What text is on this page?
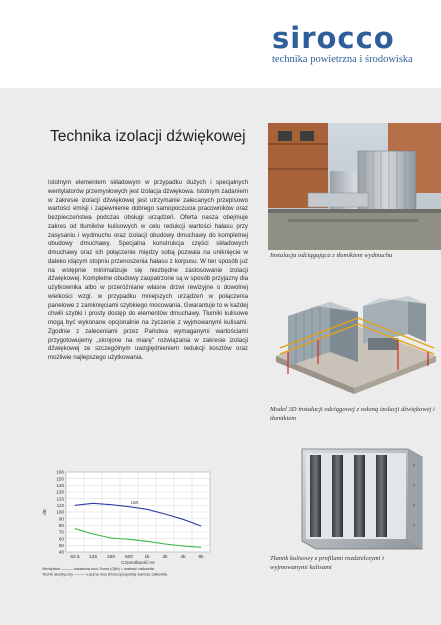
sirocco
technika powietrzna i środowiska
Technika izolacji dźwiękowej
Istotnym elementem składowym w przypadku dużych i specjalnych wentylatorów przemysłowych jest izolacja dźwiękowa. Istotnym zadaniem w zakresie izolacji dźwiękowej jest utrzymanie zalecanych przepisowo wartości emisji i zapewnienie dobrego samopoczucia pracowników oraz bezpieczeństwa podczas obsługi urządzeń. Oferta nasza obejmuje zakres od tłumików kulisowych w celu redukcji wartości hałasu przy zasysaniu i wydmuchu oraz izolacji obudowy dmuchawy do kompletnej obudowy dmuchawy. Specjalna konstrukcja części składowych dmuchawy oraz ich połączenie między sobą pozwala na uniknięcie w daleko idącym stopniu przenoszenia hałasu z korpusu. W ten sposób już na wstępnie minimalizuje się niezbędne zastosowanie izolacji dźwiękowej. Kompletne obudowy zaopatrzone są w sposób przyjazny dla użytkownika albo w przeróżniane własne drzwi rewizyjne o dowolnej wielkości wzgl. w przypadku mniejszych urządzeń w połączenia panelowe z zamknięciami szybkiego mocowania. Gwarantuje to w każdej chwili szybki i prosty dostęp do elementów dmuchawy. Tłumiki kulisowe mogą być wykonane opcjonalnie na życzenie z wyjmowanymi kulisami. Zgodnie z zaleceniami przez Państwa wymaganymi wartościami przygotowujemy „skrojone na miarę" rozwiązania w zakresie izolacji dźwiękowej ze szczególnym uwzględnieniem redukcji kosztów oraz możliwie najlepszego użytkowania.
Instalacja odciągająca z tłumikiem wydmuchu
Model 3D instalacji odciągowej z osłoną izolacji dźwiękowej i tłumikiem
Tłumik kulisowy z profilami rozdzielczymi i wyjmowanymi kulisami
160
150
140
130
120
110
100
90
80
70
60
50
40
62.5 125 250 500 1k	2k	4k	8k
LWt
Częstotliwość Hz
dB
Wentylator ——— dostarcza moc Suma (Ojth) = wartość całkowita
Tłumik akustyczny ——— Łączna moc (Rzeczpospolita) wartość całkowita
